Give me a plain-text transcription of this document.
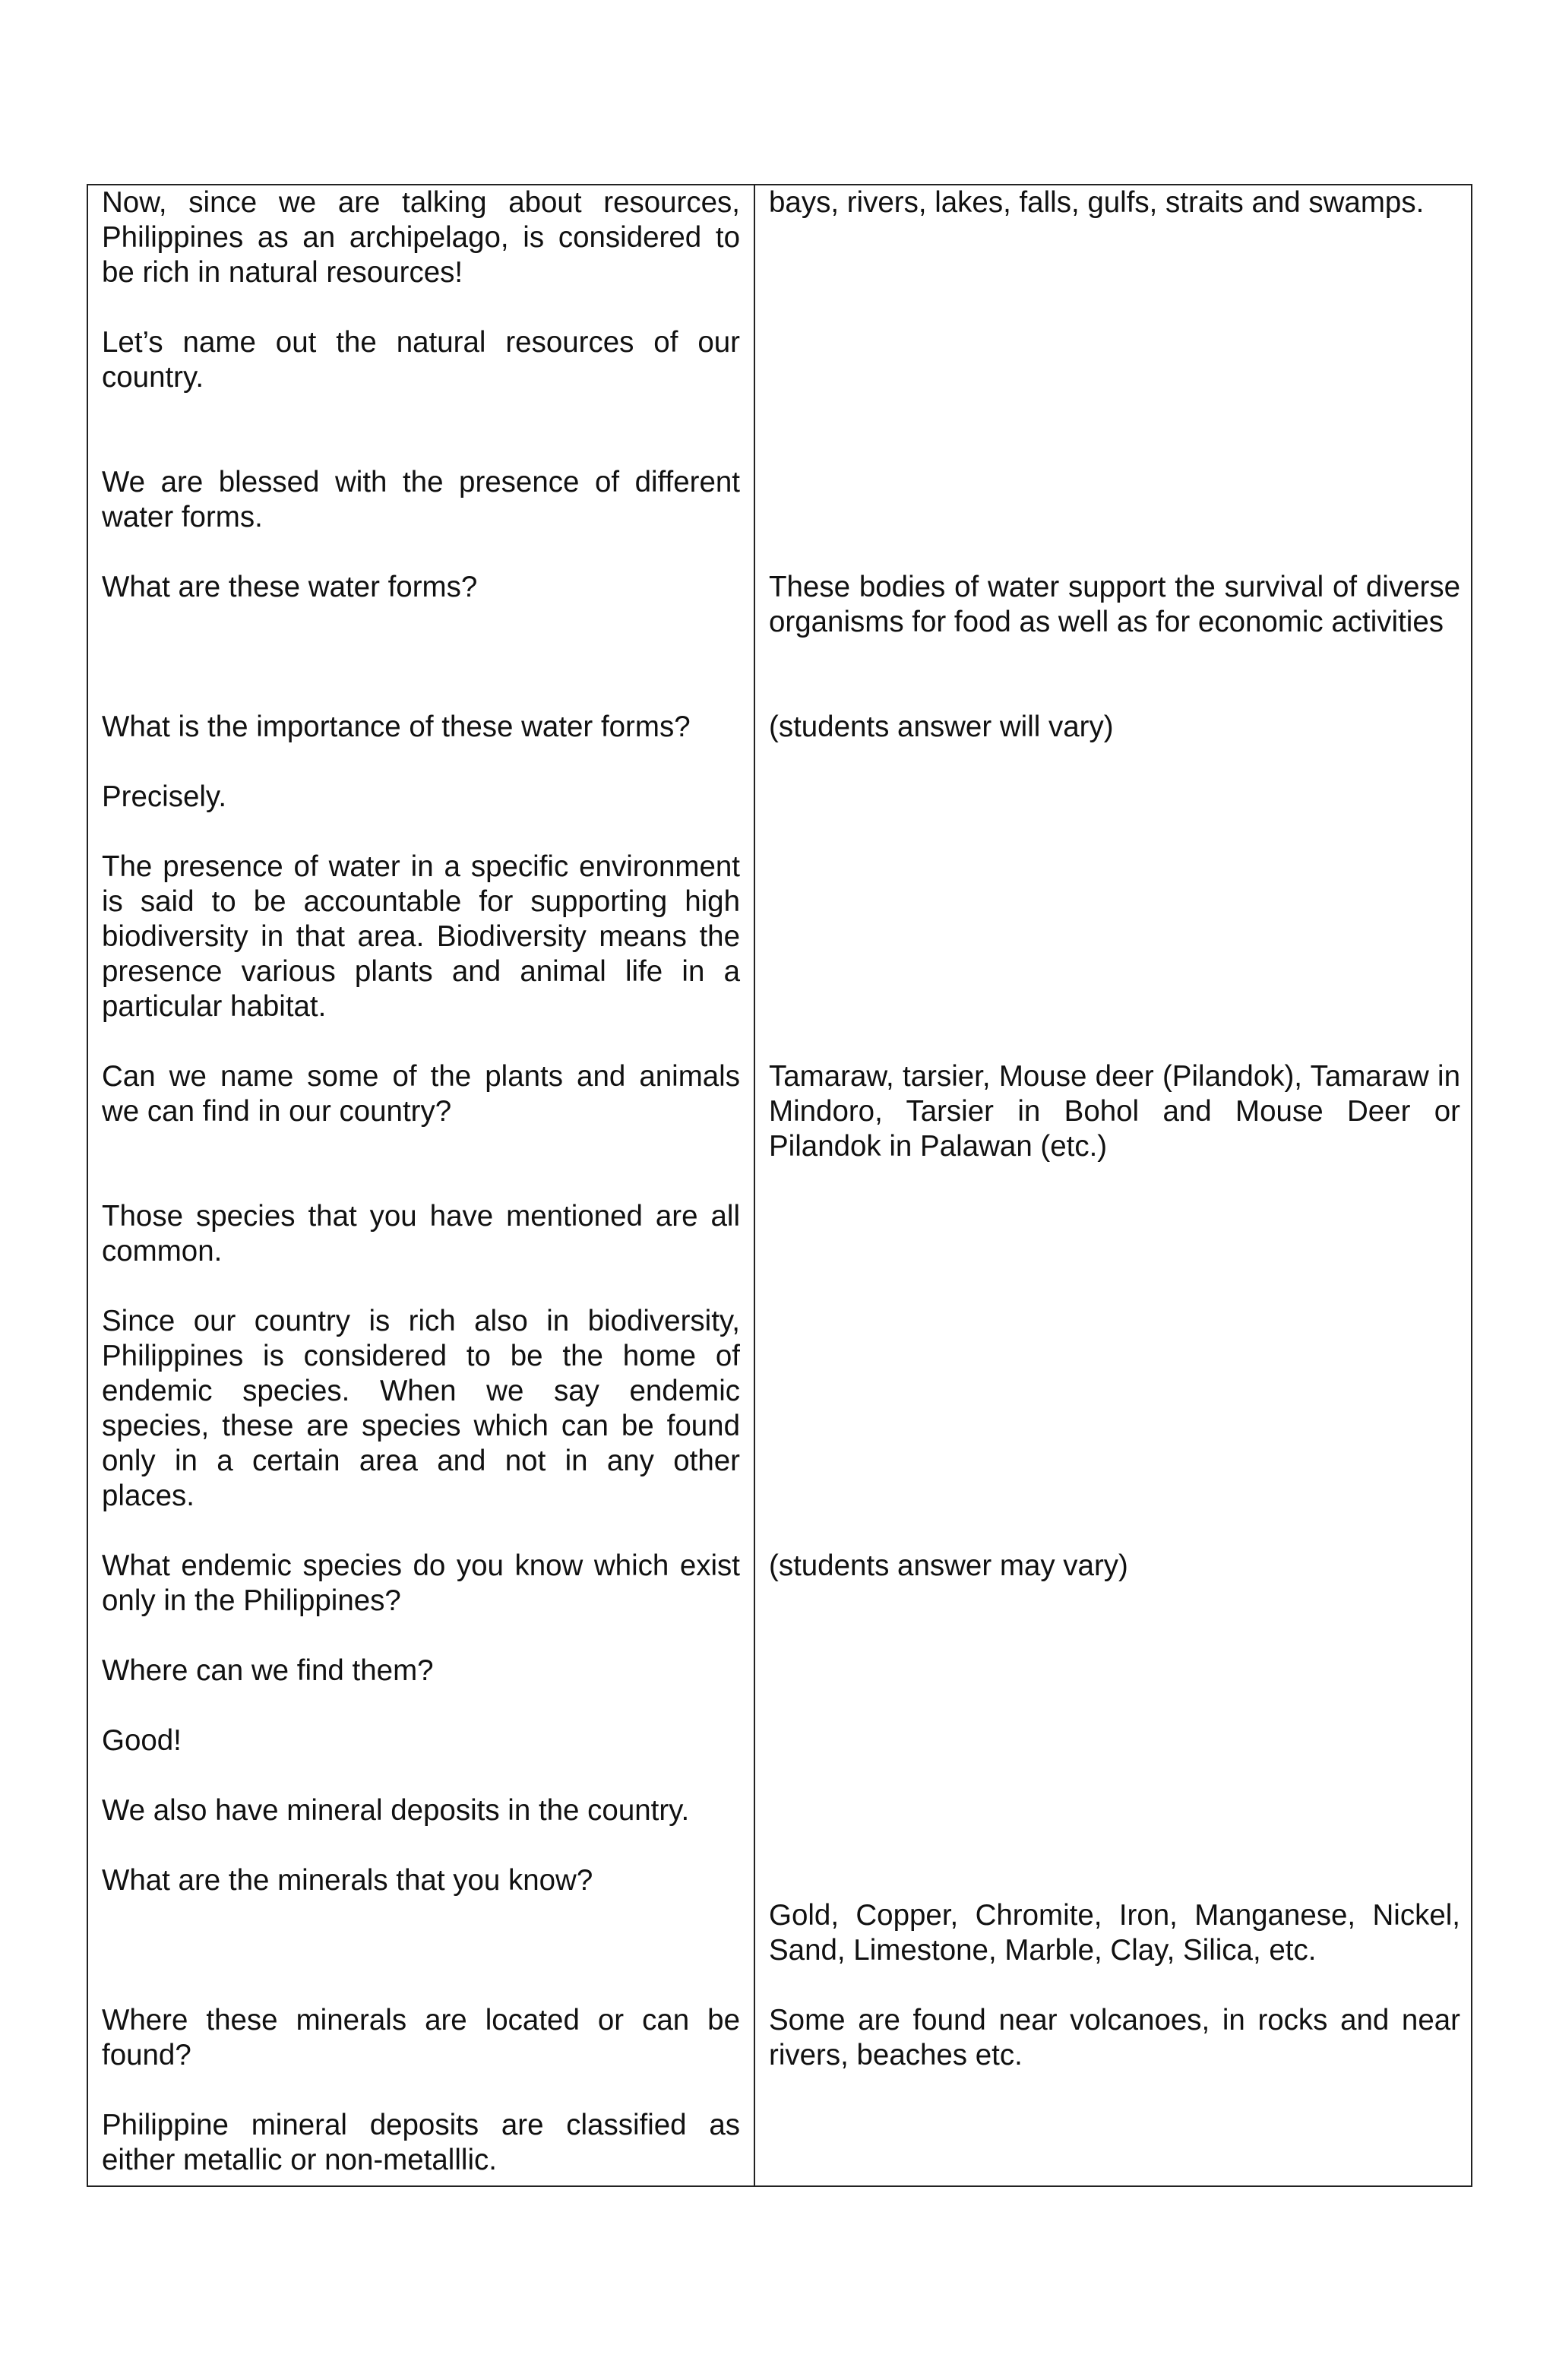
Now, since we are talking about resources, Philippines as an archipelago, is considered to be rich in natural resources!

Let’s name out the natural resources of our country.

We are blessed with the presence of different water forms.

What are these water forms?

What is the importance of these water forms?

Precisely.

The presence of water in a specific environment is said to be accountable for supporting high biodiversity in that area. Biodiversity means the presence various plants and animal life in a particular habitat.

Can we name some of the plants and animals we can find in our country?

Those species that you have mentioned are all common.

Since our country is rich also in biodiversity, Philippines is considered to be the home of endemic species. When we say endemic species, these are species which can be found only in a certain area and not in any other places.

What endemic species do you know which exist only in the Philippines?

Where can we find them?

Good!

We also have mineral deposits in the country.

What are the minerals that you know?

Where these minerals are located or can be found?

Philippine mineral deposits are classified as either metallic or non-metalllic.

bays, rivers, lakes, falls, gulfs, straits and swamps.

These bodies of water support the survival of diverse organisms for food as well as for economic activities

(students answer will vary)

Tamaraw, tarsier, Mouse deer (Pilandok), Tamaraw in Mindoro, Tarsier in Bohol and Mouse Deer or Pilandok in Palawan (etc.)

(students answer may vary)

Gold, Copper, Chromite, Iron, Manganese, Nickel, Sand, Limestone, Marble, Clay, Silica, etc.

Some are found near volcanoes, in rocks and near rivers, beaches etc.
